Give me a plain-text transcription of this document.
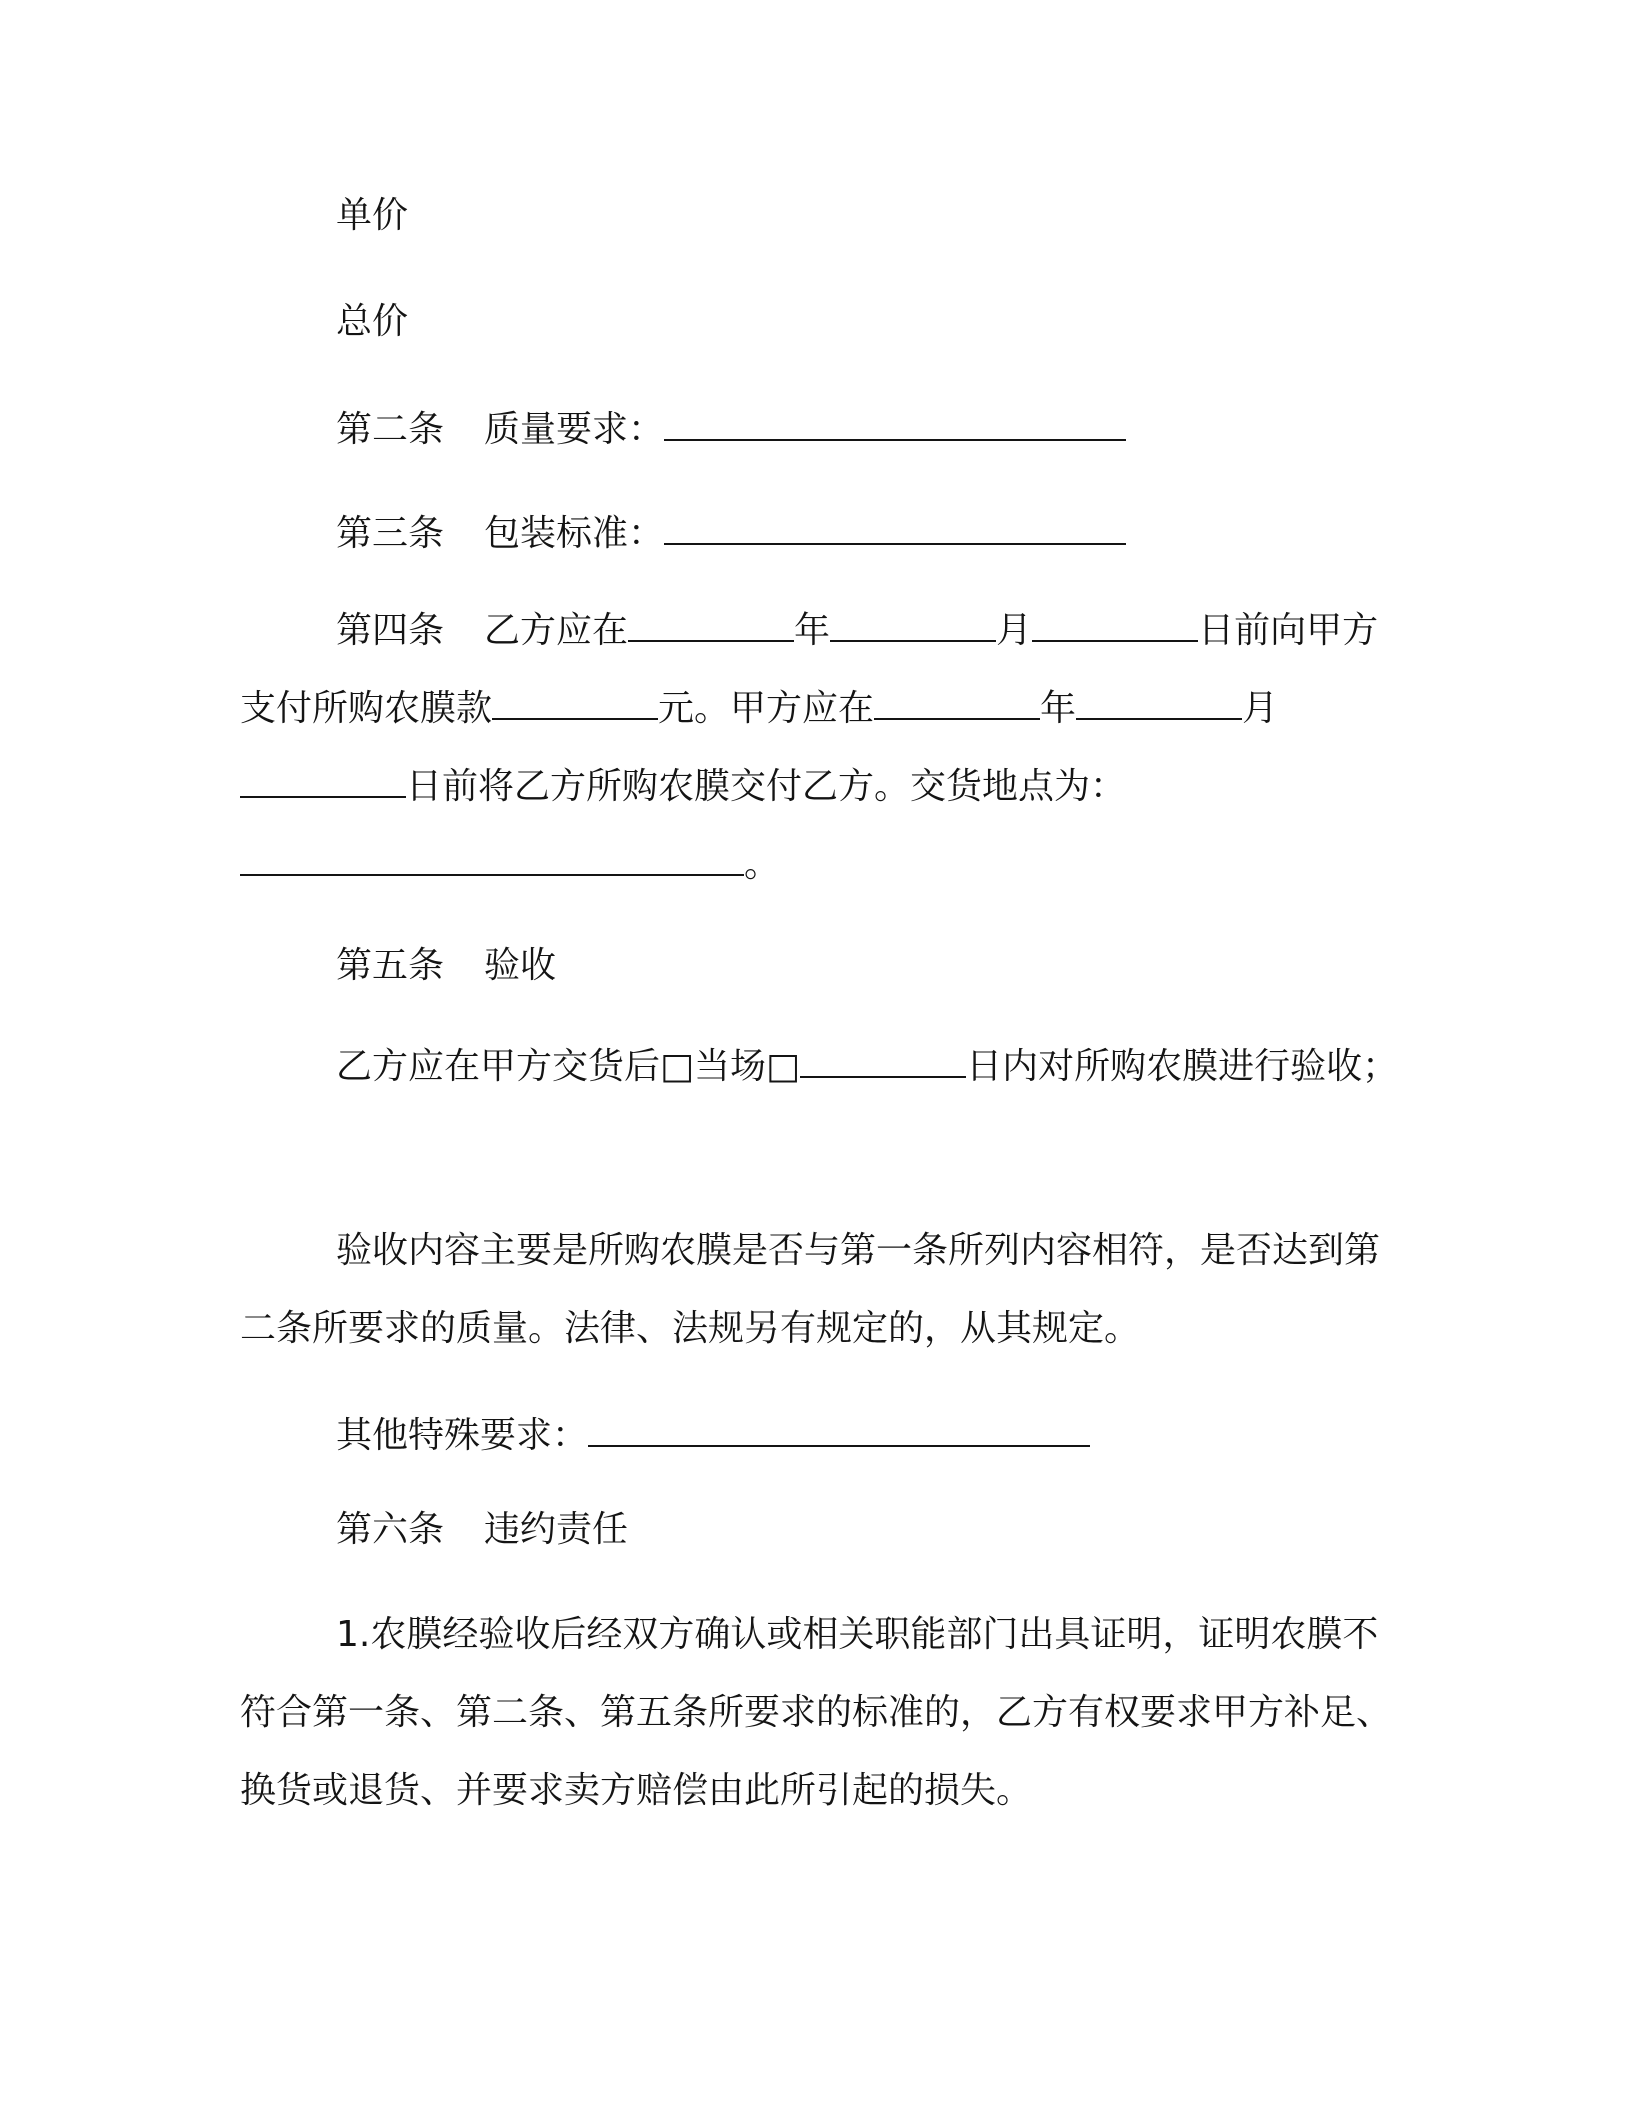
单价

总价

第二条 质量要求：

第三条 包装标准：

第四条 乙方应在	年	月	日前向甲方支付所购农膜款	元。甲方应在	年	月日前将乙方所购农膜交付乙方。交货地点为：。

第五条 验收

乙方应在甲方交货后□当场□	日内对所购农膜进行验收；

验收内容主要是所购农膜是否与第一条所列内容相符，是否达到第二条所要求的质量。法律、法规另有规定的，从其规定。

其他特殊要求：

第六条 违约责任

1.农膜经验收后经双方确认或相关职能部门出具证明，证明农膜不符合第一条、第二条、第五条所要求的标准的，乙方有权要求甲方补足、换货或退货、并要求卖方赔偿由此所引起的损失。
